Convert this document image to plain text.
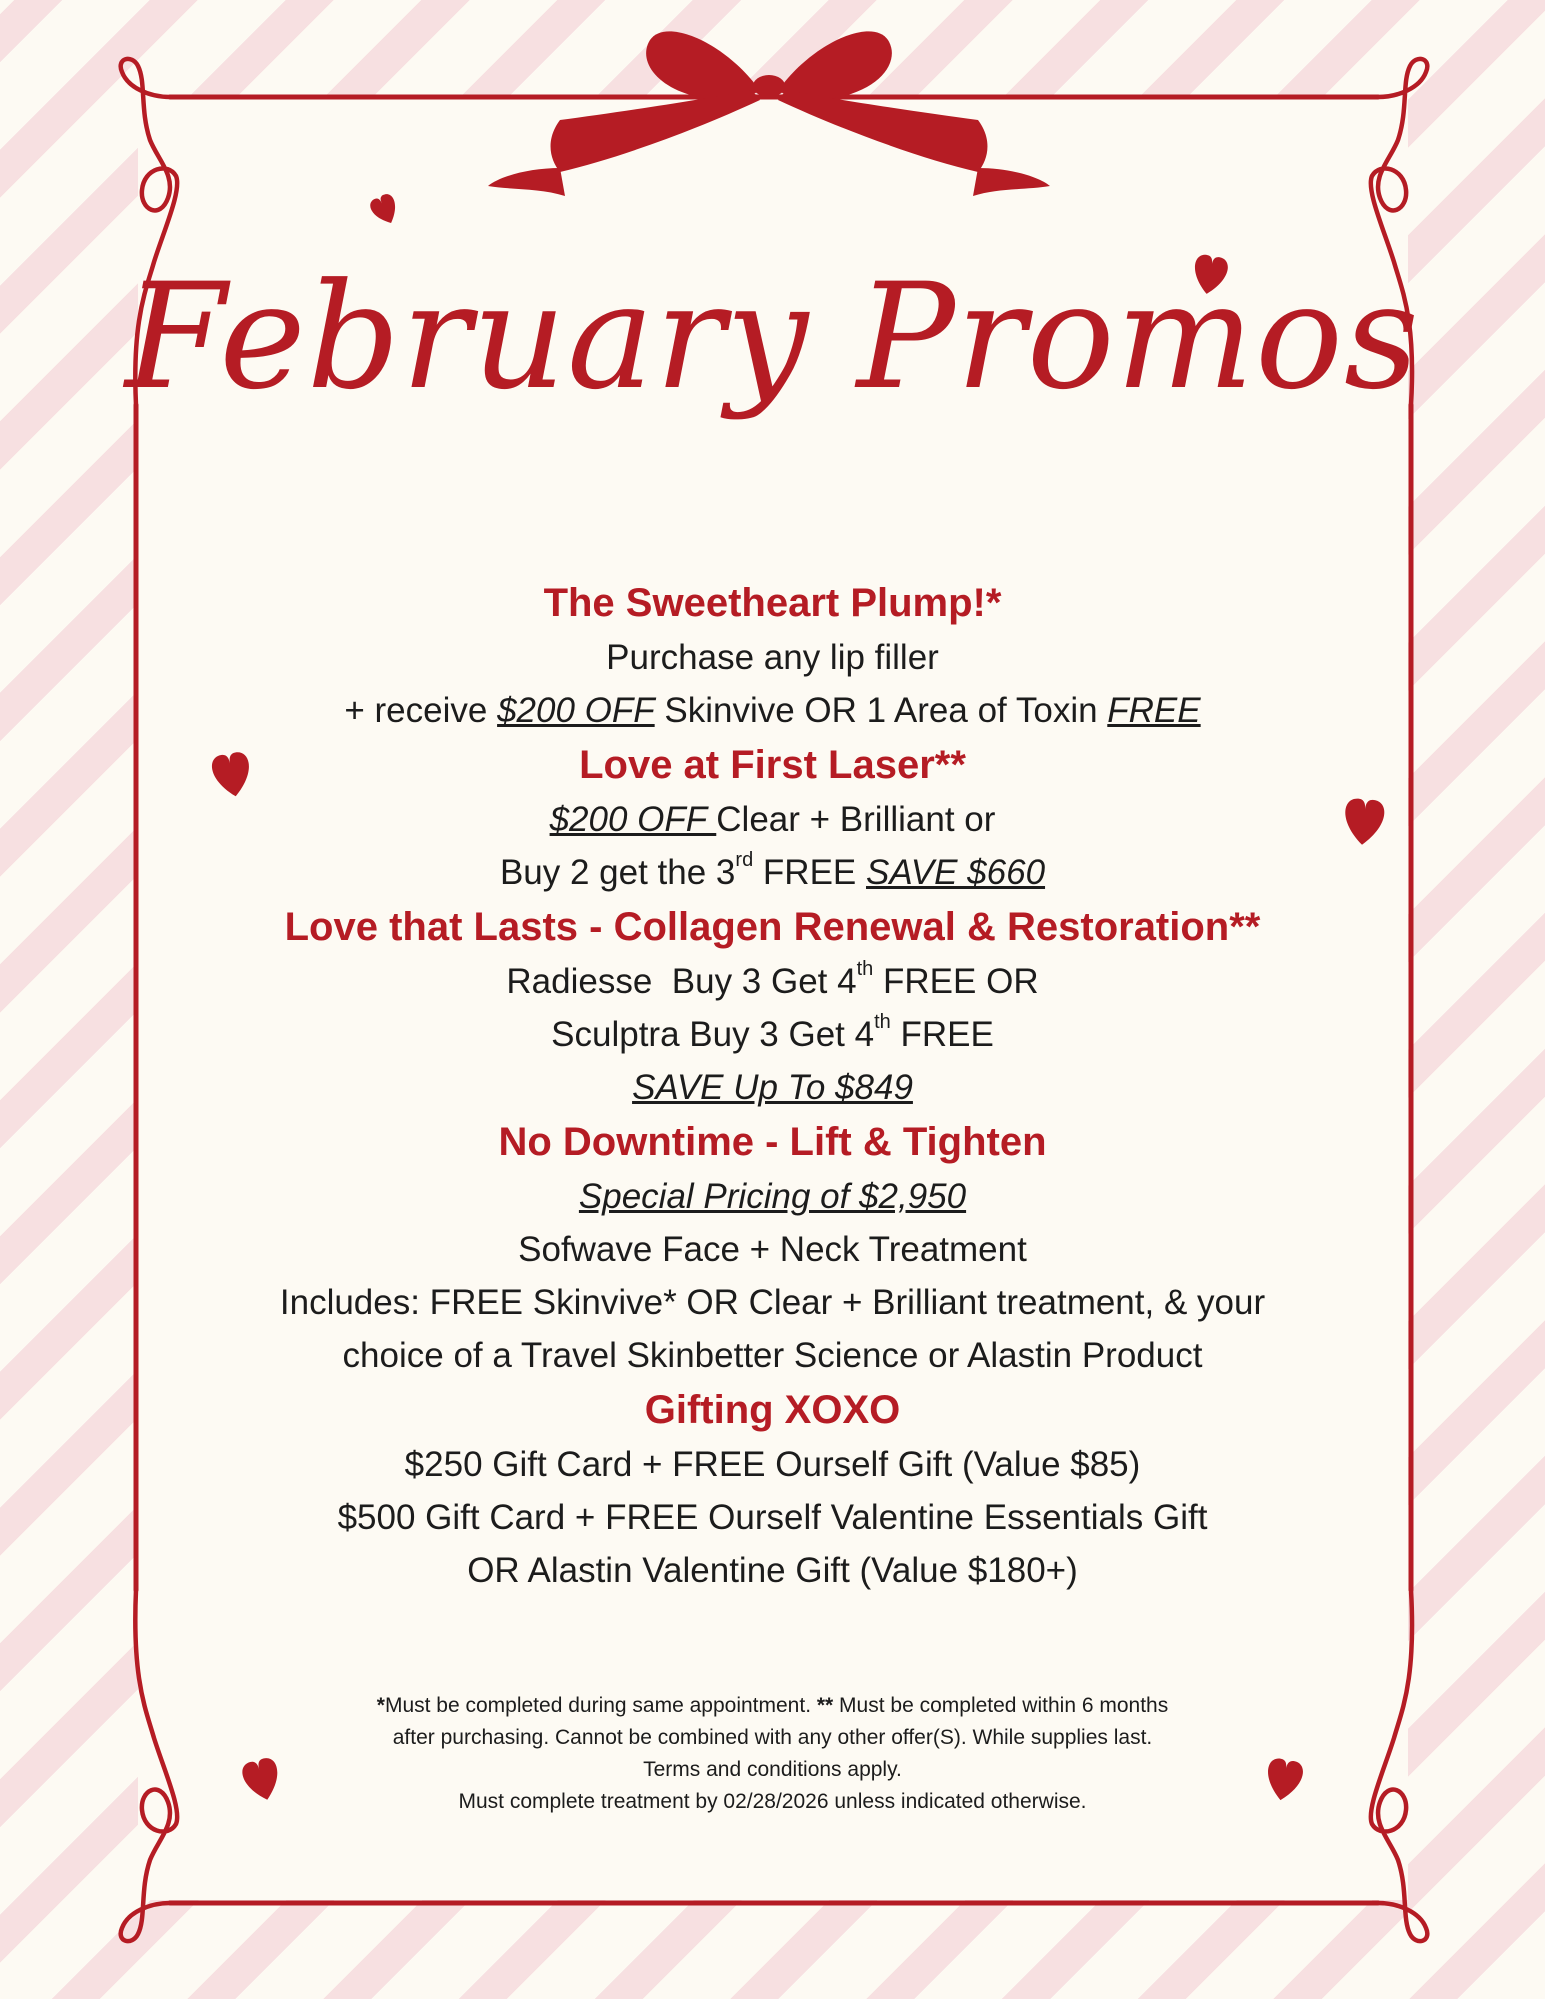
February Promos

The Sweetheart Plump!*

Purchase any lip filler

+ receive $200 OFF Skinvive OR 1 Area of Toxin FREE

Love at First Laser**

$200 OFF Clear + Brilliant or

Buy 2 get the 3rd FREE SAVE $660

Love that Lasts - Collagen Renewal & Restoration**

Radiesse  Buy 3 Get 4th FREE OR

Sculptra Buy 3 Get 4th FREE

SAVE Up To $849

No Downtime - Lift & Tighten

Special Pricing of $2,950

Sofwave Face + Neck Treatment

Includes: FREE Skinvive* OR Clear + Brilliant treatment, & your

choice of a Travel Skinbetter Science or Alastin Product

Gifting XOXO

$250 Gift Card + FREE Ourself Gift (Value $85)

$500 Gift Card + FREE Ourself Valentine Essentials Gift

OR Alastin Valentine Gift (Value $180+)

*Must be completed during same appointment. ** Must be completed within 6 months
after purchasing. Cannot be combined with any other offer(S). While supplies last.
Terms and conditions apply.
Must complete treatment by 02/28/2026 unless indicated otherwise.
